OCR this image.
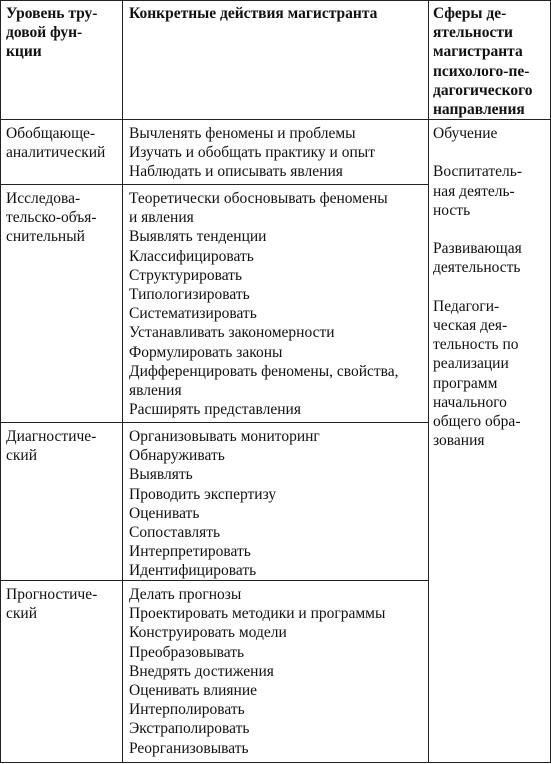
Уровень тру-
довой фун-
кции
Конкретные действия магистранта	Сферы де-
ятельности
магистранта
психолого-пе-
дагогического
направления
Обобщающе-
аналитический
Вычленять феномены и проблемы
Изучать и обобщать практику и опыт
Наблюдать и описывать явления
Исследова-
тельско-объя-
снительный
Теоретически обосновывать феномены
и явления
Выявлять тенденции
Классифицировать
Структурировать
Типологизировать
Систематизировать
Устанавливать закономерности
Формулировать законы
Дифференцировать феномены, свойства,
явления
Расширять представления
Диагностиче-
ский
Организовывать мониторинг
Обнаруживать
Выявлять
Проводить экспертизу
Оценивать
Сопоставлять
Интерпретировать
Идентифицировать
Прогностиче-
ский
Делать прогнозы
Проектировать методики и программы
Конструировать модели
Преобразовывать
Внедрять достижения
Оценивать влияние
Интерполировать
Экстраполировать
Реорганизовывать
Обучение
Воспитатель-
ная деятель-
ность
Развивающая
деятельность
Педагоги-
ческая дея-
тельность по
реализации
программ
начального
общего обра-
зования
